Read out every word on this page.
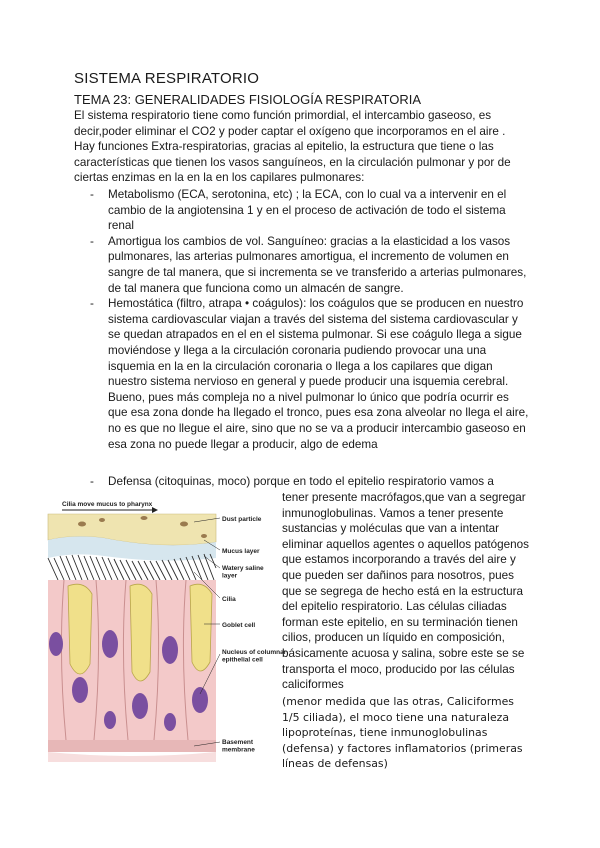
SISTEMA RESPIRATORIO
TEMA 23: GENERALIDADES FISIOLOGÍA RESPIRATORIA

El sistema respiratorio tiene como función primordial, el intercambio gaseoso, es decir,poder eliminar el CO2 y poder captar el oxígeno que incorporamos en el aire . Hay funciones Extra-respiratorias, gracias al epitelio, la estructura que tiene o las características que tienen los vasos sanguíneos, en la circulación pulmonar y por de ciertas enzimas en la en la en los capilares pulmonares:

- Metabolismo (ECA, serotonina, etc) ; la ECA, con lo cual va a intervenir en el cambio de la angiotensina 1 y en el proceso de activación de todo el sistema renal
- Amortigua los cambios de vol. Sanguíneo: gracias a la elasticidad a los vasos pulmonares, las arterias pulmonares amortigua, el incremento de volumen en sangre de tal manera, que si incrementa se ve transferido a arterias pulmonares, de tal manera que funciona como un almacén de sangre.
- Hemostática (filtro, atrapa • coágulos): los coágulos que se producen en nuestro sistema cardiovascular viajan a través del sistema del sistema cardiovascular y se quedan atrapados en el en el sistema pulmonar. Si ese coágulo llega a sigue moviéndose y llega a la circulación coronaria pudiendo provocar una una isquemia en la en la circulación coronaria o llega a los capilares que digan nuestro sistema nervioso en general y puede producir una isquemia cerebral. Bueno, pues más compleja no a nivel pulmonar lo único que podría ocurrir es que esa zona donde ha llegado el tronco, pues esa zona alveolar no llega el aire, no es que no llegue el aire, sino que no se va a producir intercambio gaseoso en esa zona no puede llegar a producir, algo de edema
- Defensa (citoquinas, moco) porque en todo el epitelio respiratorio vamos a
tener presente macrófagos,que van a segregar inmunoglobulinas. Vamos a tener presente sustancias y moléculas que van a intentar eliminar aquellos agentes o aquellos patógenos que estamos incorporando a través del aire y que pueden ser dañinos para nosotros, pues que se segrega de hecho está en la estructura del epitelio respiratorio. Las células ciliadas forman este epitelio, en su terminación tienen cilios, producen un líquido en composición, básicamente acuosa y salina, sobre este se se transporta el moco, producido por las células caliciformes
(menor medida que las otras, Caliciformes 1/5 ciliada), el moco tiene una naturaleza lipoproteínas, tiene inmunoglobulinas (defensa) y factores inflamatorios (primeras líneas de defensas)
Cilia move mucus to pharynx
Dust particle
Mucus layer
Watery saline layer
Cilia
Goblet cell
Nucleus of columnar epithelial cell
Basement membrane
